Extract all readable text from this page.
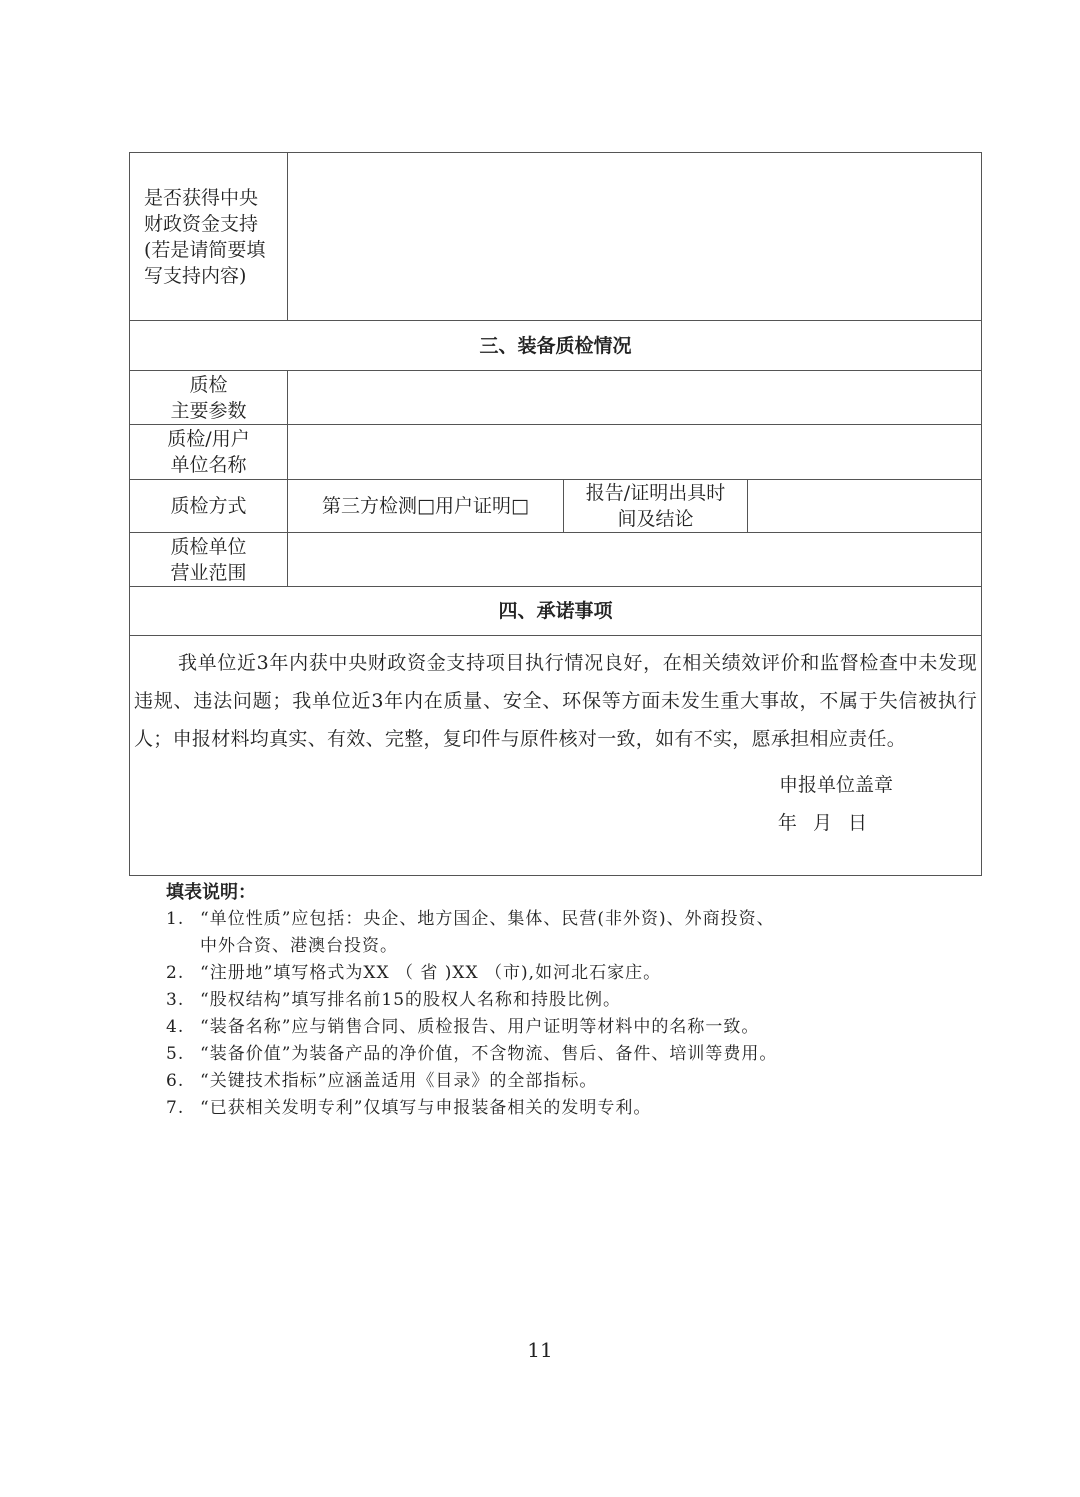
是否获得中央
财政资金支持
(若是请简要填
写支持内容)			

三、装备质检情况			

质检
主要参数			

质检/用户
单位名称			

质检方式	第三方检测□用户证明□	报告/证明出具时
间及结论	

质检单位
营业范围			

四、承诺事项			

我单位近3年内获中央财政资金支持项目执行情况良好，在相关绩效评价和监督检查中未发现违规、违法问题；我单位近3年内在质量、安全、环保等方面未发生重大事故，不属于失信被执行人；申报材料均真实、有效、完整，复印件与原件核对一致，如有不实，愿承担相应责任。
申报单位盖章
年 月 日			
填表说明：
1. “单位性质”应包括：央企、地方国企、集体、民营(非外资)、外商投资、
中外合资、港澳台投资。
2. “注册地”填写格式为XX （ 省 )XX （市),如河北石家庄。
3. “股权结构”填写排名前15的股权人名称和持股比例。
4. “装备名称”应与销售合同、质检报告、用户证明等材料中的名称一致。
5. “装备价值”为装备产品的净价值，不含物流、售后、备件、培训等费用。
6. “关键技术指标”应涵盖适用《目录》的全部指标。
7. “已获相关发明专利”仅填写与申报装备相关的发明专利。
11
